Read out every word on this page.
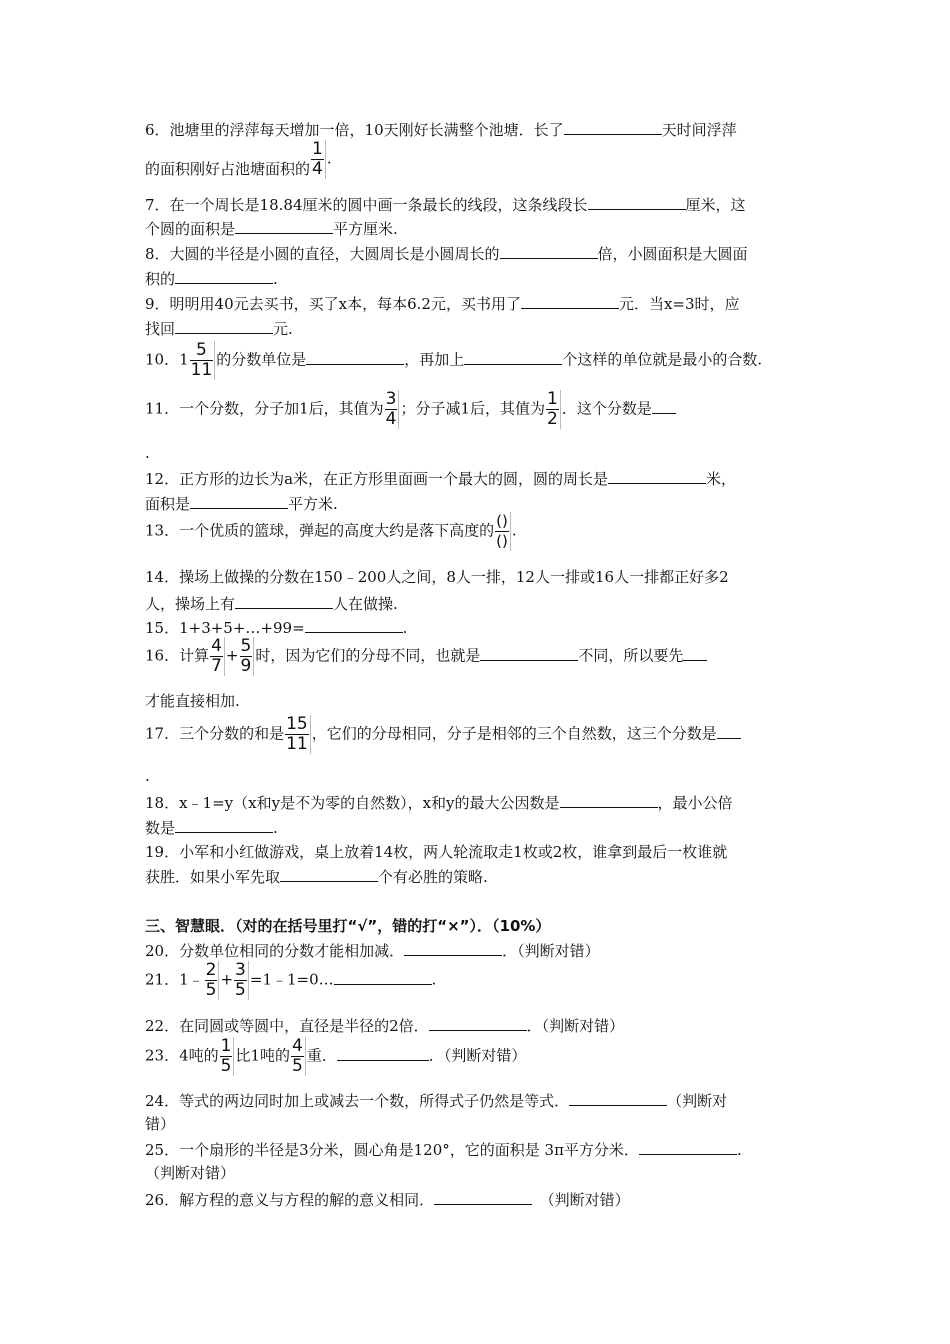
6．池塘里的浮萍每天增加一倍，10天刚好长满整个池塘．长了	天时间浮萍
的面积刚好占池塘面积的 $\frac{1}{4}$ .
7．在一个周长是18.84厘米的圆中画一条最长的线段，这条线段长	厘米，这
个圆的面积是	平方厘米.
8．大圆的半径是小圆的直径，大圆周长是小圆周长的	倍，小圆面积是大圆面
积的	.
9．明明用40元去买书，买了x本，每本6.2元，买书用了	元．当x=3时，应
找回	元.
10．$1 \frac{5}{11}$ 的分数单位是	，再加上	个这样的单位就是最小的合数.
11．一个分数，分子加1后，其值为 $\frac{3}{4}$ ；分子减1后，其值为 $\frac{1}{2}$ ．这个分数是
.
12．正方形的边长为a米，在正方形里面画一个最大的圆，圆的周长是	米，
面积是	平方米.
13．一个优质的篮球，弹起的高度大约是落下高度的 $\frac{()}{()}$ .
14．操场上做操的分数在150﹣200人之间，8人一排，12人一排或16人一排都正好多2
人，操场上有	人在做操.
15．1+3+5+…+99=	.
16．计算 $\frac{4}{7} + \frac{5}{9}$ 时，因为它们的分母不同，也就是	不同，所以要先
才能直接相加.
17．三个分数的和是 $\frac{15}{11}$ ，它们的分母相同，分子是相邻的三个自然数，这三个分数是
.
18．x﹣1=y（x和y是不为零的自然数），x和y的最大公因数是	，最小公倍
数是	.
19．小军和小红做游戏，桌上放着14枚，两人轮流取走1枚或2枚，谁拿到最后一枚谁就
获胜．如果小军先取	个有必胜的策略.
三、智慧眼．（对的在括号里打“√”，错的打“×”）．（10%）
20．分数单位相同的分数才能相加减．	．（判断对错）
21．1﹣ $\frac{2}{5} + \frac{3}{5}$ =1﹣1=0…	.
22．在同圆或等圆中，直径是半径的2倍．	．（判断对错）
23．4吨的 $\frac{1}{5}$ 比1吨的 $\frac{4}{5}$ 重．	．（判断对错）
24．等式的两边同时加上或减去一个数，所得式子仍然是等式．	（判断对
错）
25．一个扇形的半径是3分米，圆心角是120°，它的面积是 3π平方分米．	.
（判断对错）
26．解方程的意义与方程的解的意义相同．　	（判断对错）
